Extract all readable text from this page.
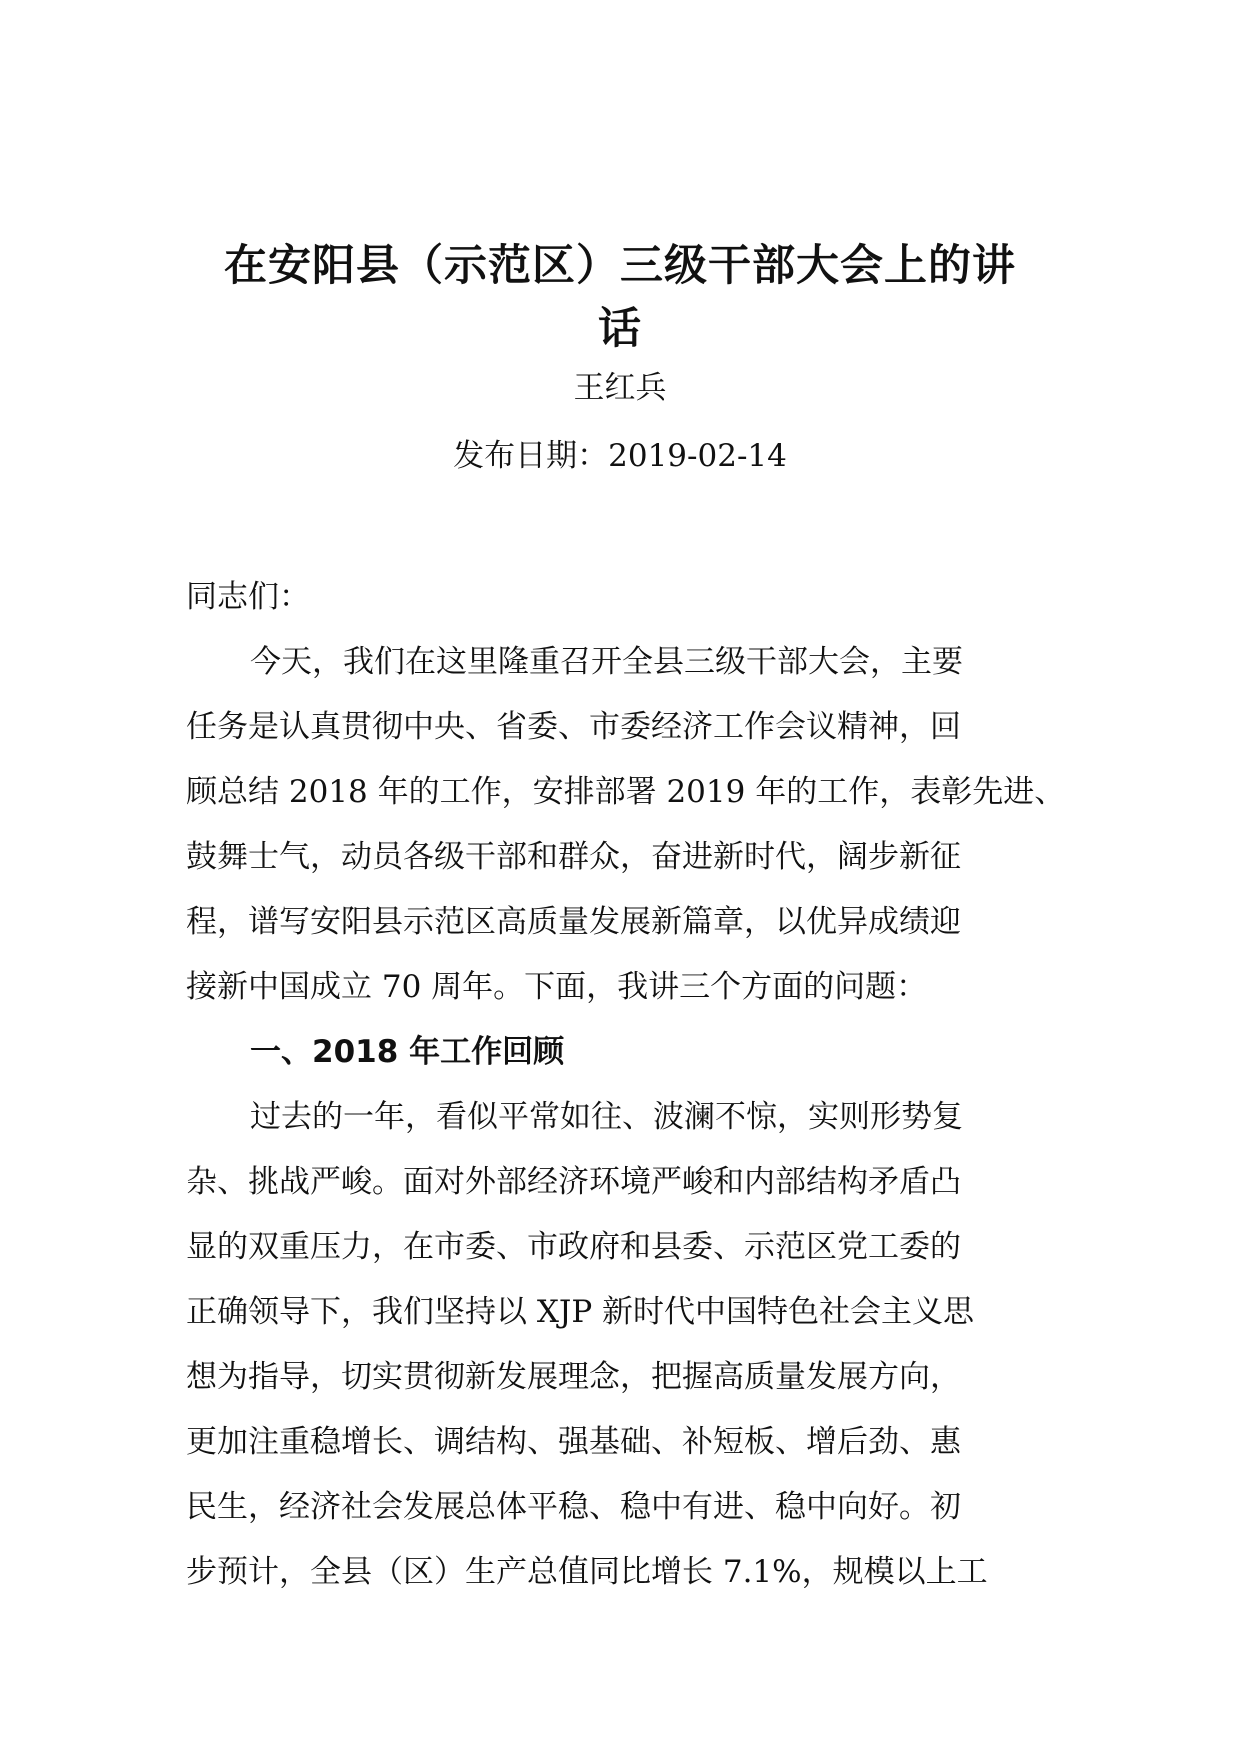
在安阳县（示范区）三级干部大会上的讲
话
王红兵
发布日期：2019-02-14
同志们：
今天，我们在这里隆重召开全县三级干部大会，主要
任务是认真贯彻中央、省委、市委经济工作会议精神，回
顾总结 2018 年的工作，安排部署 2019 年的工作，表彰先进、
鼓舞士气，动员各级干部和群众，奋进新时代，阔步新征
程，谱写安阳县示范区高质量发展新篇章，以优异成绩迎
接新中国成立 70 周年。下面，我讲三个方面的问题：
一、2018 年工作回顾
过去的一年，看似平常如往、波澜不惊，实则形势复
杂、挑战严峻。面对外部经济环境严峻和内部结构矛盾凸
显的双重压力，在市委、市政府和县委、示范区党工委的
正确领导下，我们坚持以 XJP 新时代中国特色社会主义思
想为指导，切实贯彻新发展理念，把握高质量发展方向，
更加注重稳增长、调结构、强基础、补短板、增后劲、惠
民生，经济社会发展总体平稳、稳中有进、稳中向好。初
步预计，全县（区）生产总值同比增长 7.1%，规模以上工
